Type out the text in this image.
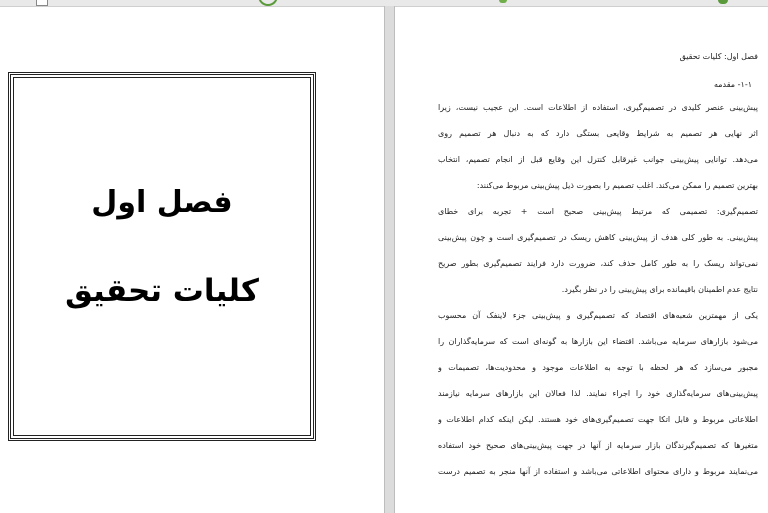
فصل اول
کلیات تحقیق
فصل اول: کلیات تحقیق
۱-۱- مقدمه
پیش‌بینی عنصر کلیدی در تصمیم‌گیری، استفاده از اطلاعات است. این عجیب نیست، زیرا
اثر نهایی هر تصمیم به شرایط وقایعی بستگی دارد که به دنبال هر تصمیم روی
می‌دهد. توانایی پیش‌بینی جوانب غیرقابل کنترل این وقایع قبل از انجام تصمیم، انتخاب
بهترین تصمیم را ممکن می‌کند. اغلب تصمیم را بصورت ذیل پیش‌بینی مربوط می‌کنند:
تصمیم‌گیری: تصمیمی که مرتبط پیش‌بینی صحیح است + تجربه برای خطای
پیش‌بینی. به طور کلی هدف از پیش‌بینی کاهش ریسک در تصمیم‌گیری است و چون پیش‌بینی
نمی‌تواند ریسک را به طور کامل حذف کند، ضرورت دارد فرایند تصمیم‌گیری بطور صریح
نتایج عدم اطمینان باقیمانده برای پیش‌بینی را در نظر بگیرد.
یکی از مهمترین شعبه‌های اقتصاد که تصمیم‌گیری و پیش‌بینی جزء لاینفک آن محسوب
می‌شود بازارهای سرمایه می‌باشد. اقتضاء این بازارها به گونه‌ای است که سرمایه‌گذاران را
مجبور می‌سازد که هر لحظه با توجه به اطلاعات موجود و محدودیت‌ها، تصمیمات و
پیش‌بینی‌های سرمایه‌گذاری خود را اجراء نمایند. لذا فعالان این بازارهای سرمایه نیازمند
اطلاعاتی مربوط و قابل اتکا جهت تصمیم‌گیری‌های خود هستند. لیکن اینکه کدام اطلاعات و
متغیرها که تصمیم‌گیرندگان بازار سرمایه از آنها در جهت پیش‌بینی‌های صحیح خود استفاده
می‌نمایند مربوط و دارای محتوای اطلاعاتی می‌باشد و استفاده از آنها منجر به تصمیم درست
